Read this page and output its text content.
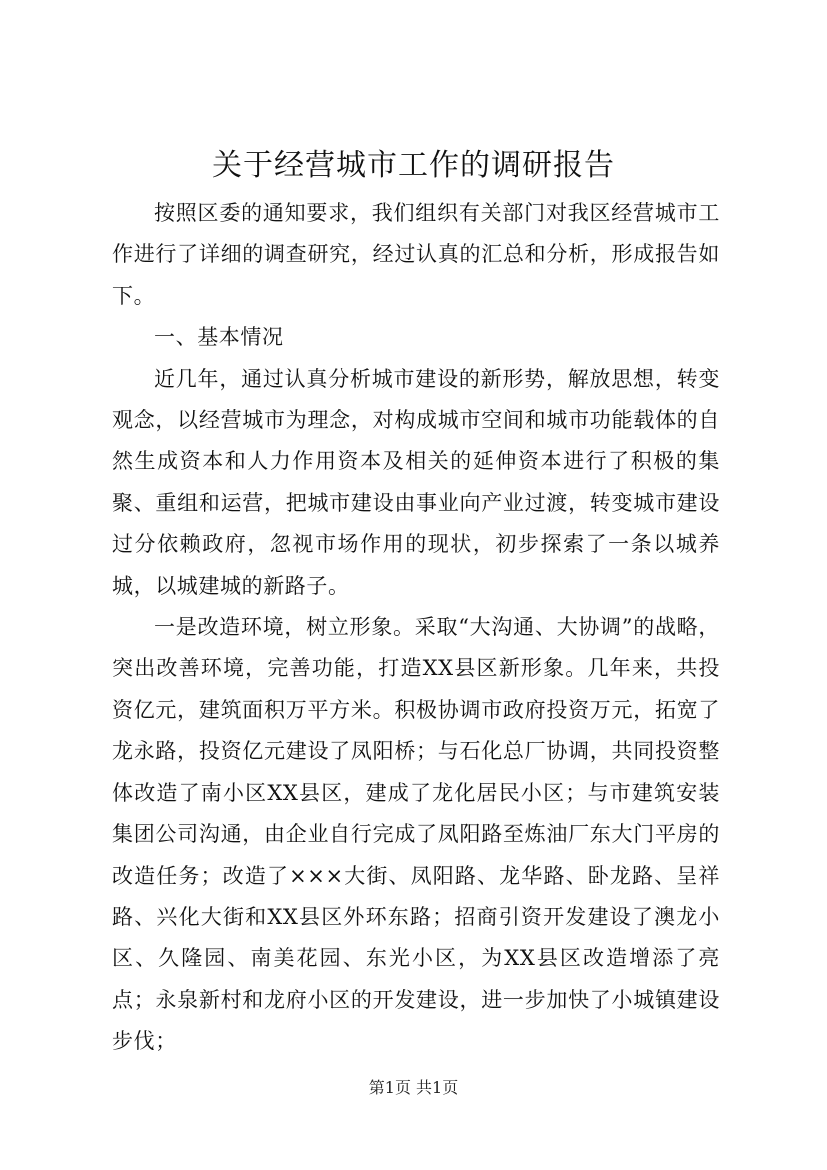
关于经营城市工作的调研报告

按照区委的通知要求，我们组织有关部门对我区经营城市工作进行了详细的调查研究，经过认真的汇总和分析，形成报告如下。

一、基本情况

近几年，通过认真分析城市建设的新形势，解放思想，转变观念，以经营城市为理念，对构成城市空间和城市功能载体的自然生成资本和人力作用资本及相关的延伸资本进行了积极的集聚、重组和运营，把城市建设由事业向产业过渡，转变城市建设过分依赖政府，忽视市场作用的现状，初步探索了一条以城养城，以城建城的新路子。

一是改造环境，树立形象。采取“大沟通、大协调”的战略，突出改善环境，完善功能，打造XX县区新形象。几年来，共投资亿元，建筑面积万平方米。积极协调市政府投资万元，拓宽了龙永路，投资亿元建设了凤阳桥；与石化总厂协调，共同投资整体改造了南小区XX县区，建成了龙化居民小区；与市建筑安装集团公司沟通，由企业自行完成了凤阳路至炼油厂东大门平房的改造任务；改造了×××大街、凤阳路、龙华路、卧龙路、呈祥路、兴化大街和XX县区外环东路；招商引资开发建设了澳龙小区、久隆园、南美花园、东光小区，为XX县区改造增添了亮点；永泉新村和龙府小区的开发建设，进一步加快了小城镇建设步伐；

第1页 共1页
